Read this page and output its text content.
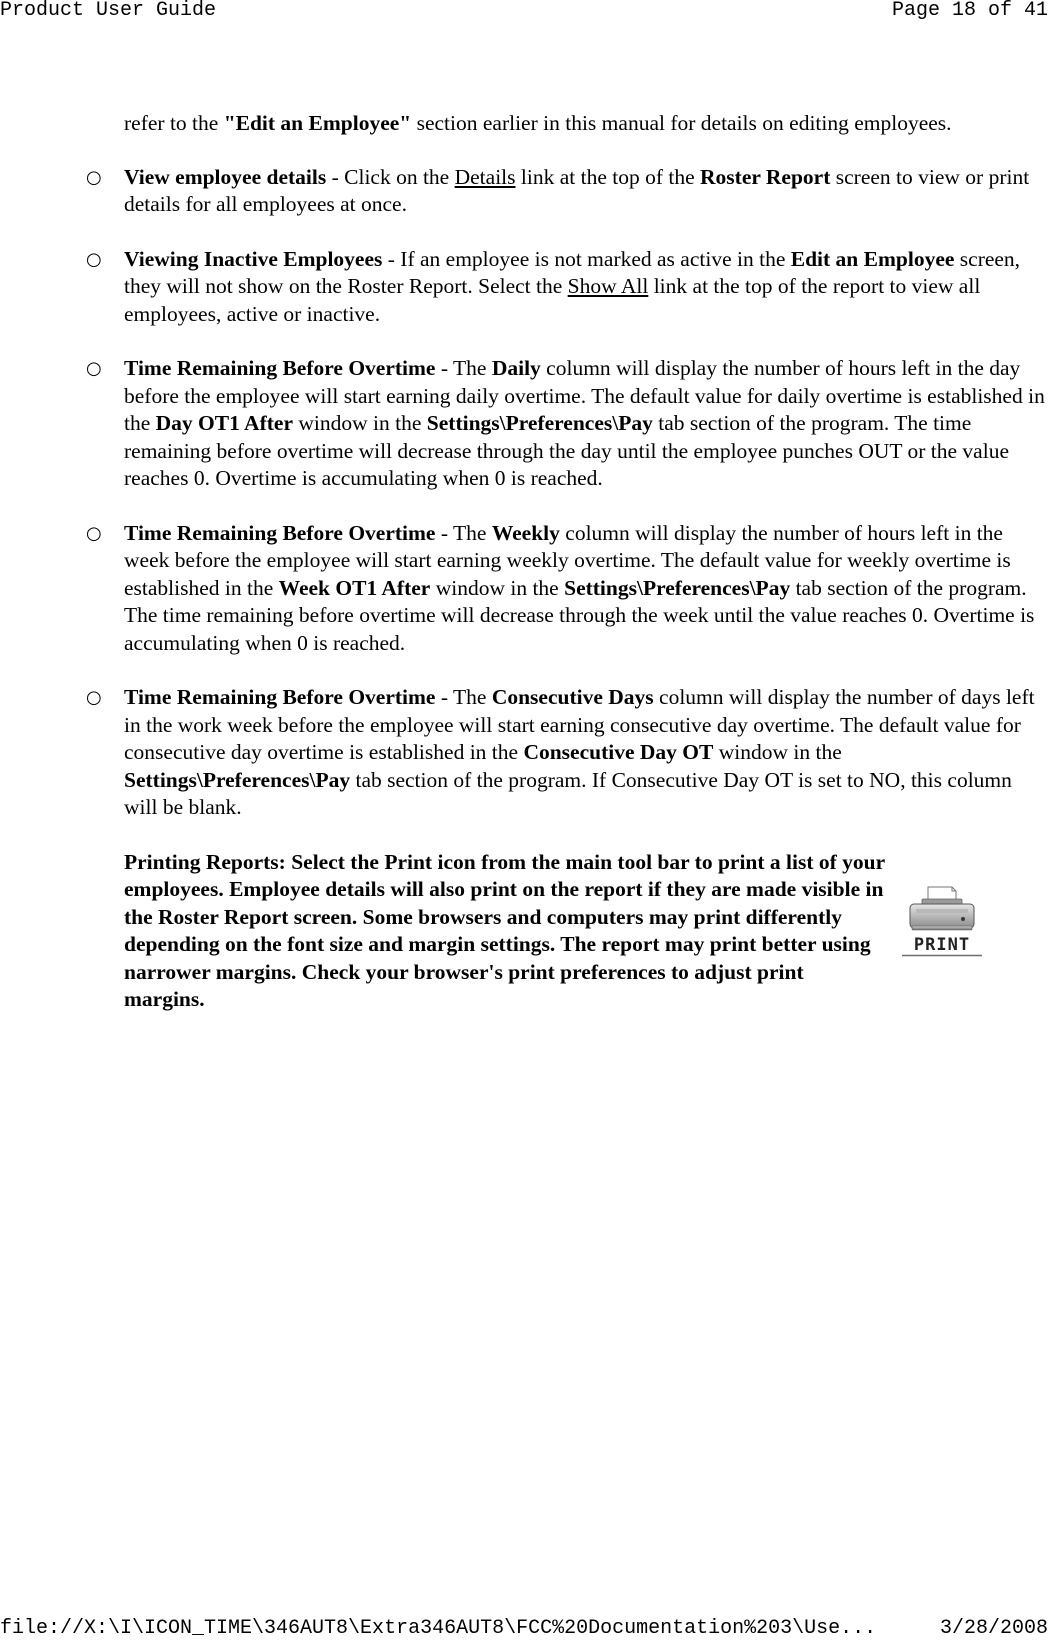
Product User Guide	Page 18 of 41

refer to the "Edit an Employee" section earlier in this manual for details on editing employees.

○ View employee details - Click on the Details link at the top of the Roster Report screen to view or print details for all employees at once.
○ Viewing Inactive Employees - If an employee is not marked as active in the Edit an Employee screen, they will not show on the Roster Report. Select the Show All link at the top of the report to view all employees, active or inactive.
○ Time Remaining Before Overtime - The Daily column will display the number of hours left in the day before the employee will start earning daily overtime. The default value for daily overtime is established in the Day OT1 After window in the Settings\Preferences\Pay tab section of the program. The time remaining before overtime will decrease through the day until the employee punches OUT or the value reaches 0. Overtime is accumulating when 0 is reached.
○ Time Remaining Before Overtime - The Weekly column will display the number of hours left in the week before the employee will start earning weekly overtime. The default value for weekly overtime is established in the Week OT1 After window in the Settings\Preferences\Pay tab section of the program. The time remaining before overtime will decrease through the week until the value reaches 0. Overtime is accumulating when 0 is reached.
○ Time Remaining Before Overtime - The Consecutive Days column will display the number of days left in the work week before the employee will start earning consecutive day overtime. The default value for consecutive day overtime is established in the Consecutive Day OT window in the Settings\Preferences\Pay tab section of the program. If Consecutive Day OT is set to NO, this column will be blank.

Printing Reports: Select the Print icon from the main tool bar to print a list of your employees. Employee details will also print on the report if they are made visible in the Roster Report screen. Some browsers and computers may print differently depending on the font size and margin settings. The report may print better using narrower margins. Check your browser's print preferences to adjust print margins.

PRINT
file://X:\I\ICON_TIME\346AUT8\Extra346AUT8\FCC%20Documentation%203\Use...	3/28/2008
